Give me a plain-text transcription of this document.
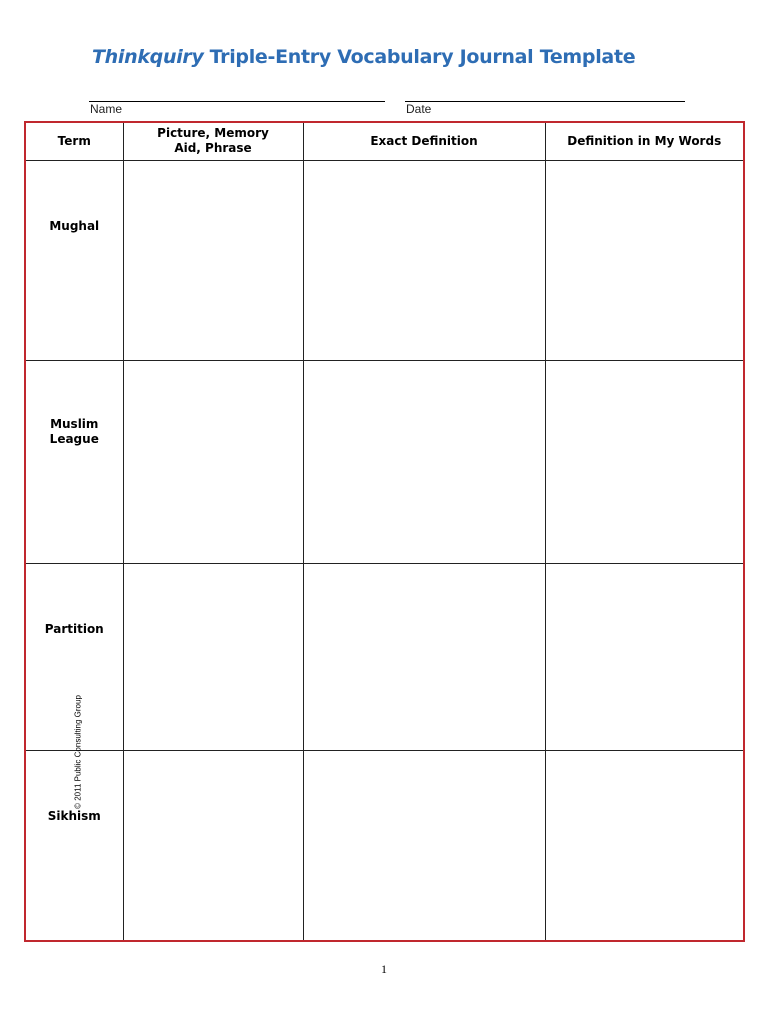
Thinkquiry Triple-Entry Vocabulary Journal Template
Name	Date
Term	Picture, Memory Aid, Phrase	Exact Definition	Definition in My Words
Mughal			
Muslim League			
Partition			
Sikhism			
© 2011 Public Consulting Group
1
